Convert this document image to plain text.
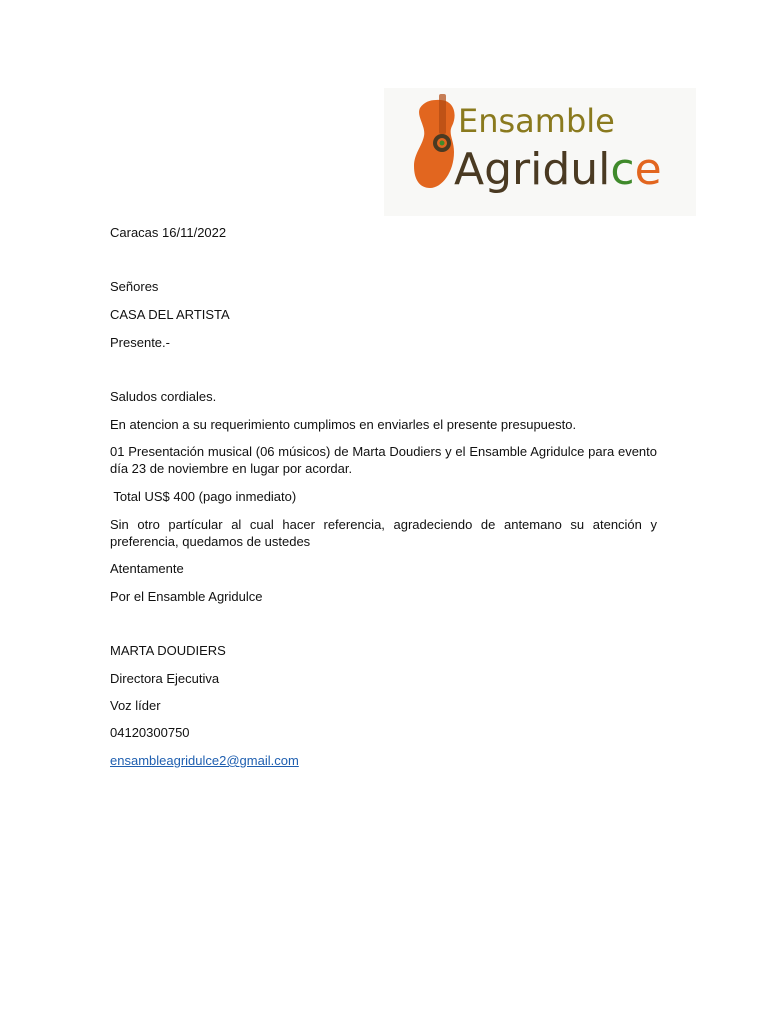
Ensamble
Agridulce
Caracas 16/11/2022
Señores
CASA DEL ARTISTA
Presente.-
Saludos cordiales.
En atencion a su requerimiento cumplimos en enviarles el presente presupuesto.
01 Presentación musical (06 músicos) de Marta Doudiers y el Ensamble Agridulce para evento día 23 de noviembre en lugar por acordar.
Total US$ 400 (pago inmediato)
Sin otro partícular al cual hacer referencia, agradeciendo de antemano su atención y preferencia, quedamos de ustedes
Atentamente
Por el Ensamble Agridulce
MARTA DOUDIERS
Directora Ejecutiva
Voz líder
04120300750
ensambleagridulce2@gmail.com
